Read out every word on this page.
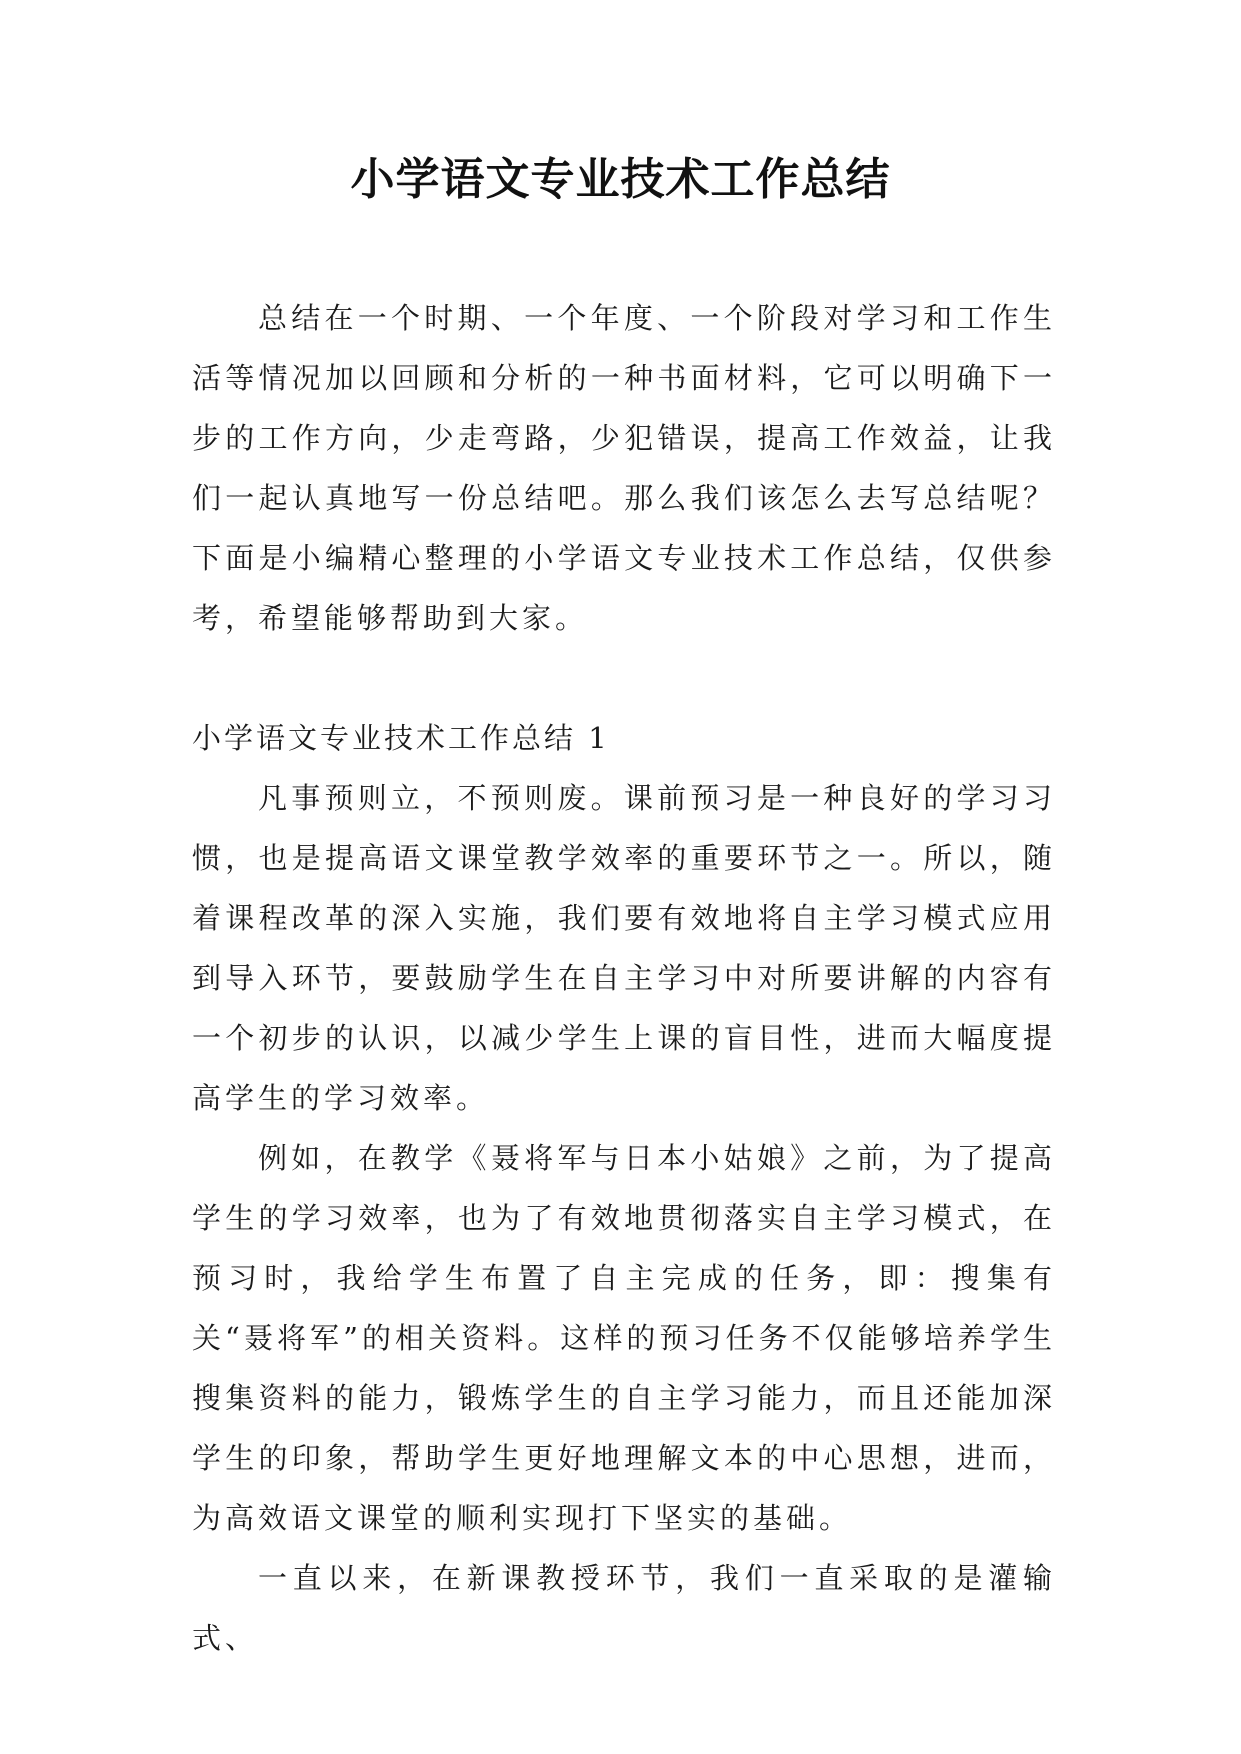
小学语文专业技术工作总结

总结在一个时期、一个年度、一个阶段对学习和工作生活等情况加以回顾和分析的一种书面材料，它可以明确下一步的工作方向，少走弯路，少犯错误，提高工作效益，让我们一起认真地写一份总结吧。那么我们该怎么去写总结呢？下面是小编精心整理的小学语文专业技术工作总结，仅供参考，希望能够帮助到大家。

小学语文专业技术工作总结 1

凡事预则立，不预则废。课前预习是一种良好的学习习惯，也是提高语文课堂教学效率的重要环节之一。所以，随着课程改革的深入实施，我们要有效地将自主学习模式应用到导入环节，要鼓励学生在自主学习中对所要讲解的内容有一个初步的认识，以减少学生上课的盲目性，进而大幅度提高学生的学习效率。

例如，在教学《聂将军与日本小姑娘》之前，为了提高学生的学习效率，也为了有效地贯彻落实自主学习模式，在预习时，我给学生布置了自主完成的任务，即：搜集有关“聂将军”的相关资料。这样的预习任务不仅能够培养学生搜集资料的能力，锻炼学生的自主学习能力，而且还能加深学生的印象，帮助学生更好地理解文本的中心思想，进而，为高效语文课堂的顺利实现打下坚实的基础。

一直以来，在新课教授环节，我们一直采取的是灌输式、
